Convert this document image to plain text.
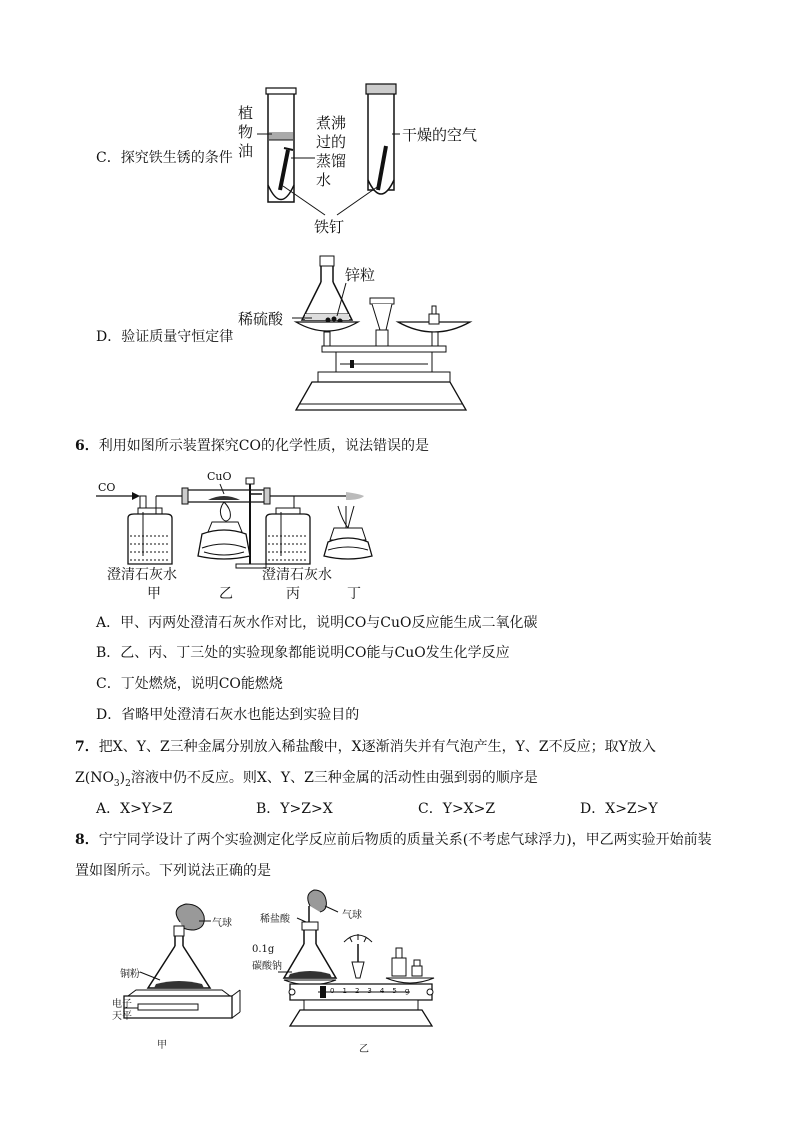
C．探究铁生锈的条件
植
物
油
煮沸
过的
蒸馏
水
干燥的空气
铁钉
D．验证质量守恒定律
锌粒
稀硫酸
6．利用如图所示装置探究CO的化学性质，说法错误的是
CO
CuO
澄清石灰水	澄清石灰水
甲	乙	丙	丁
A．甲、丙两处澄清石灰水作对比，说明CO与CuO反应能生成二氧化碳
B．乙、丙、丁三处的实验现象都能说明CO能与CuO发生化学反应
C．丁处燃烧，说明CO能燃烧
D．省略甲处澄清石灰水也能达到实验目的
7．把X、Y、Z三种金属分别放入稀盐酸中，X逐渐消失并有气泡产生，Y、Z不反应；取Y放入
$Z(NO_3)_2$溶液中仍不反应。则X、Y、Z三种金属的活动性由强到弱的顺序是
A．X>Y>Z	B．Y>Z>X	C．Y>X>Z	D．X>Z>Y
8．宁宁同学设计了两个实验测定化学反应前后物质的质量关系(不考虑气球浮力)，甲乙两实验开始前装
置如图所示。下列说法正确的是
012345g
气球
铜粉
电子
天平
甲
稀盐酸	气球
0.1g
碳酸钠
乙
